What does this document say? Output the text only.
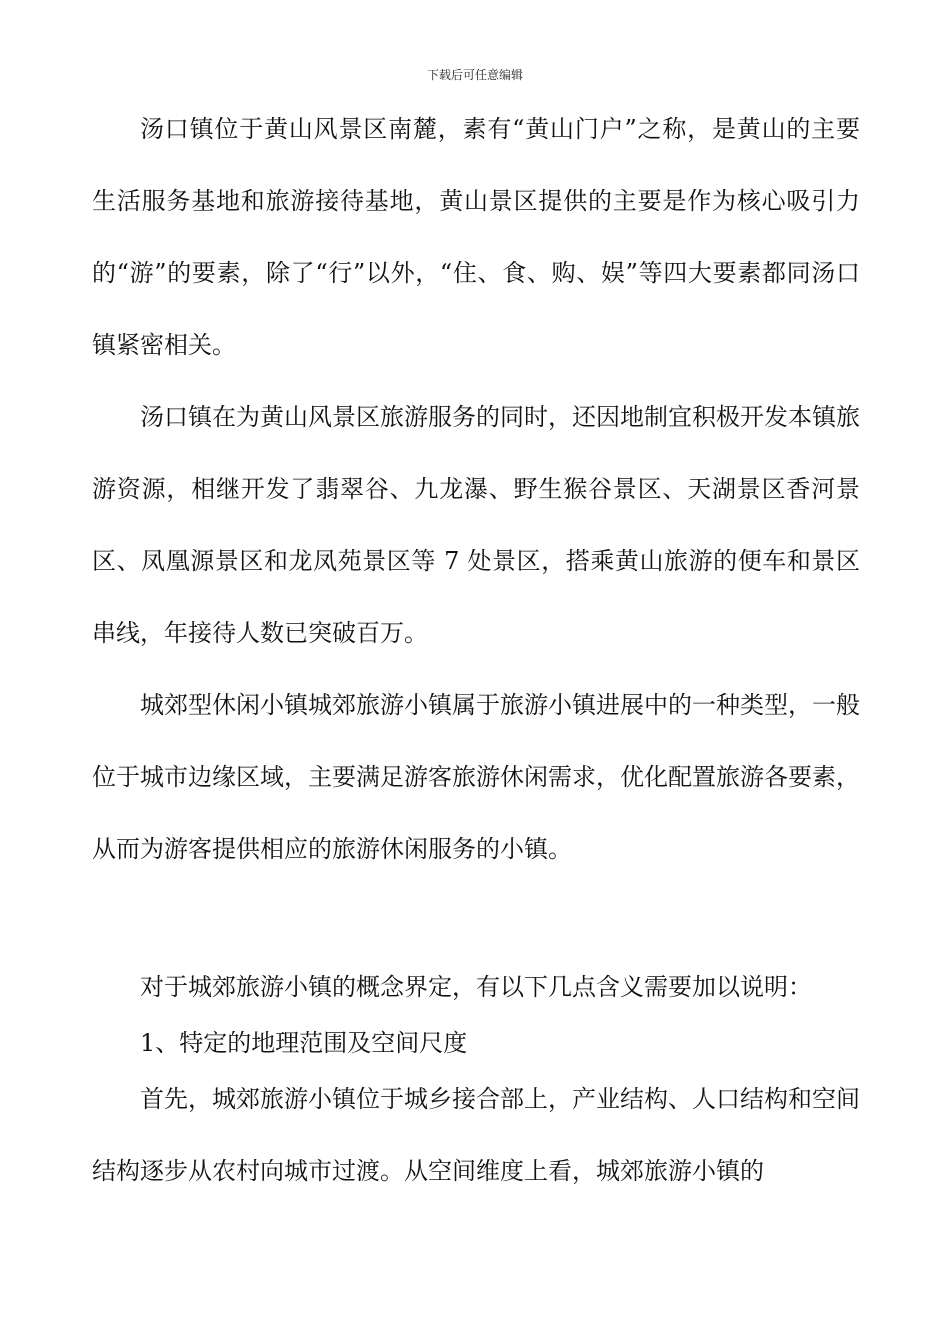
下载后可任意编辑

汤口镇位于黄山风景区南麓，素有“黄山门户”之称，是黄山的主要生活服务基地和旅游接待基地，黄山景区提供的主要是作为核心吸引力的“游”的要素，除了“行”以外，“住、食、购、娱”等四大要素都同汤口镇紧密相关。

汤口镇在为黄山风景区旅游服务的同时，还因地制宜积极开发本镇旅游资源，相继开发了翡翠谷、九龙瀑、野生猴谷景区、天湖景区香河景区、凤凰源景区和龙凤苑景区等 7 处景区，搭乘黄山旅游的便车和景区串线，年接待人数已突破百万。

城郊型休闲小镇城郊旅游小镇属于旅游小镇进展中的一种类型，一般位于城市边缘区域，主要满足游客旅游休闲需求，优化配置旅游各要素，从而为游客提供相应的旅游休闲服务的小镇。

对于城郊旅游小镇的概念界定，有以下几点含义需要加以说明：

1、特定的地理范围及空间尺度

首先，城郊旅游小镇位于城乡接合部上，产业结构、人口结构和空间结构逐步从农村向城市过渡。从空间维度上看，城郊旅游小镇的
